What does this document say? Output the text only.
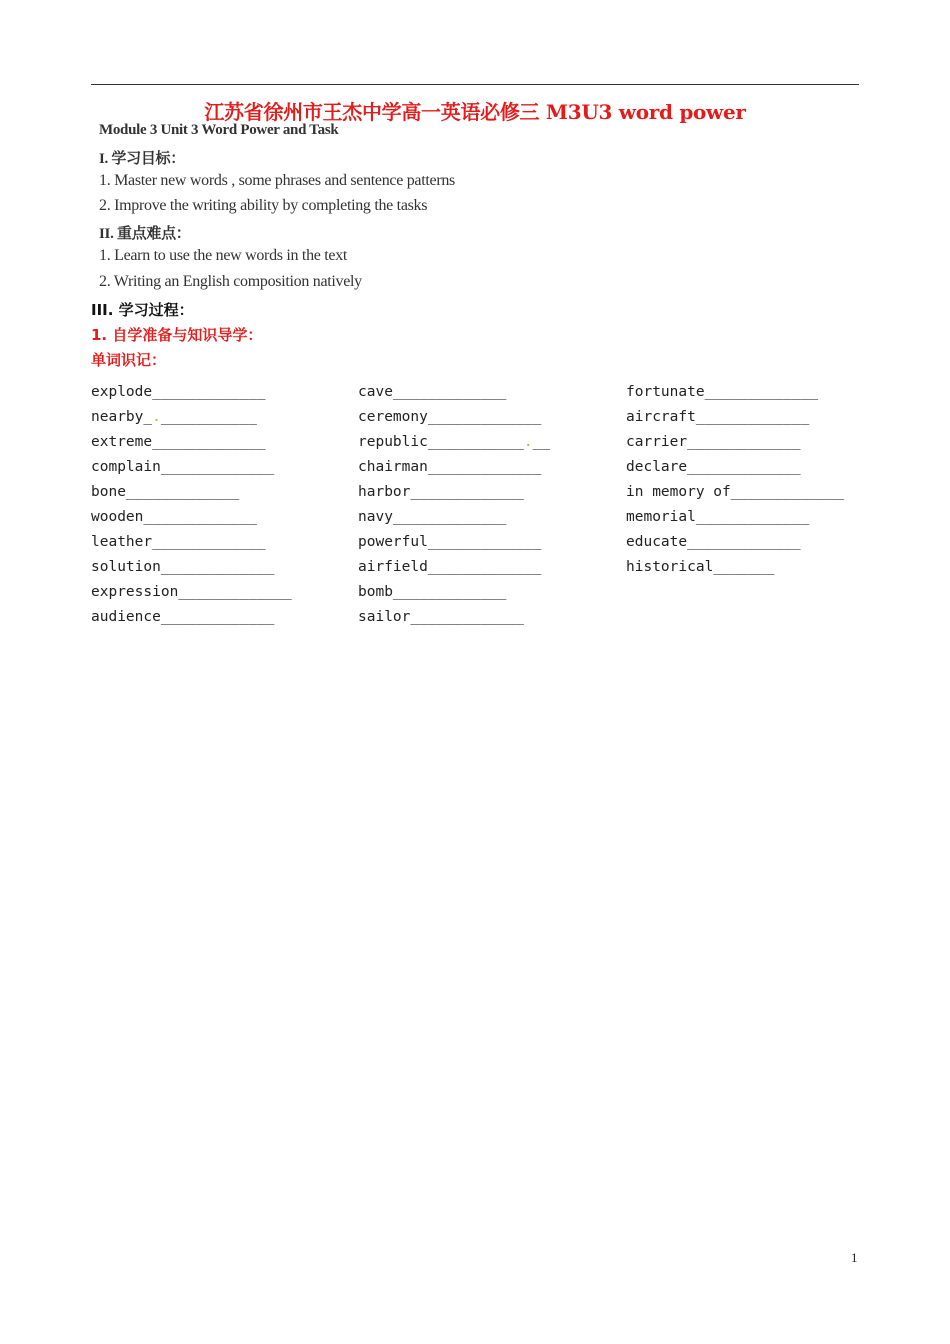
江苏省徐州市王杰中学高一英语必修三 M3U3 word power
Module 3 Unit 3 Word Power and Task
I. 学习目标：
1. Master new words , some phrases and sentence patterns
2. Improve the writing ability by completing the tasks
II. 重点难点：
1. Learn to use the new words in the text
2. Writing an English composition natively
III. 学习过程：
1. 自学准备与知识导学：
单词识记：
explode_____________
nearby_.___________
extreme_____________
complain_____________
bone_____________
wooden_____________
leather_____________
solution_____________
expression_____________
audience_____________
cave_____________
ceremony_____________
republic___________.__
chairman_____________
harbor_____________
navy_____________
powerful_____________
airfield_____________
bomb_____________
sailor_____________
fortunate_____________
aircraft_____________
carrier_____________
declare_____________
in memory of_____________
memorial_____________
educate_____________
historical_______
1
